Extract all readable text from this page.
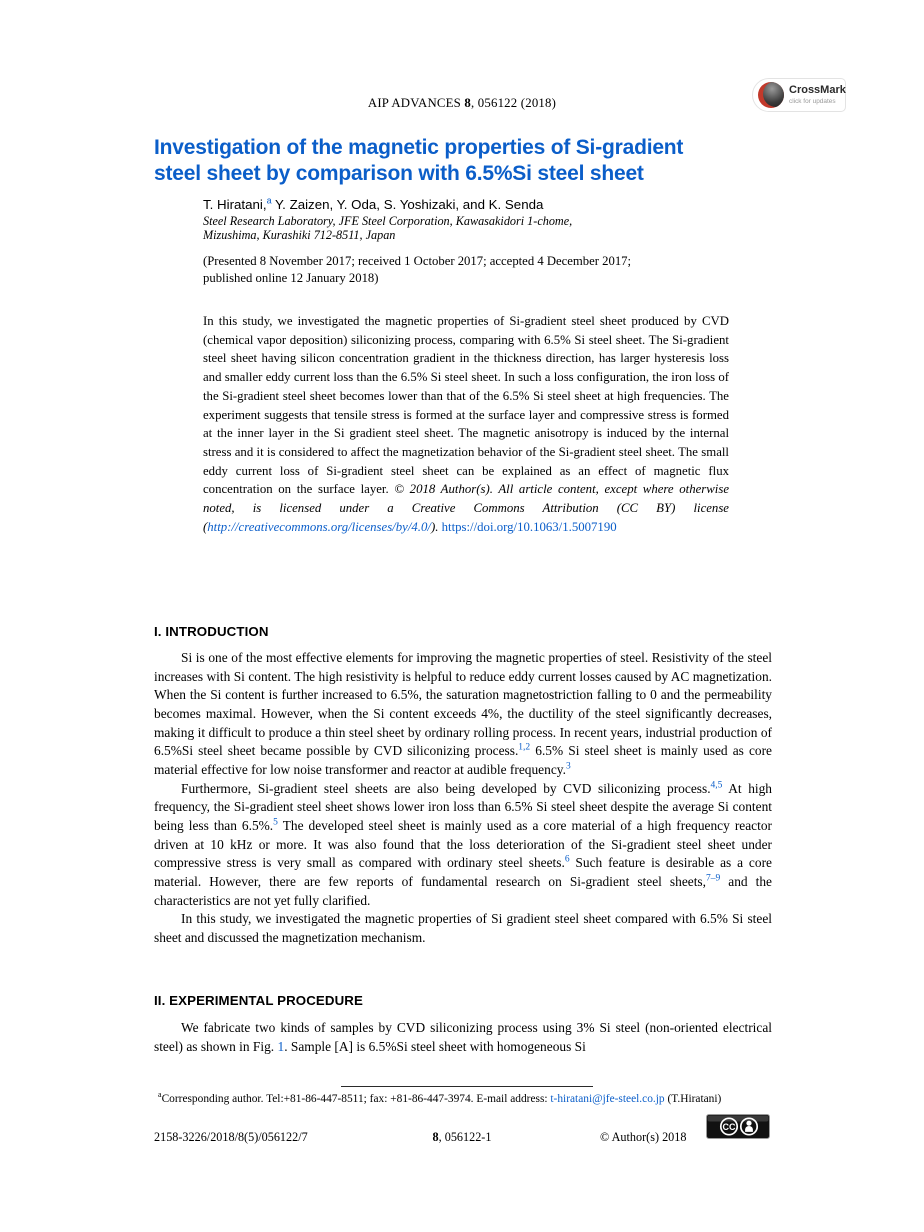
AIP ADVANCES 8, 056122 (2018)
CrossMark
click for updates
Investigation of the magnetic properties of Si-gradient
steel sheet by comparison with 6.5%Si steel sheet
T. Hiratani,$^a$ Y. Zaizen, Y. Oda, S. Yoshizaki, and K. Senda
Steel Research Laboratory, JFE Steel Corporation, Kawasakidori 1-chome,
Mizushima, Kurashiki 712-8511, Japan
(Presented 8 November 2017; received 1 October 2017; accepted 4 December 2017;
published online 12 January 2018)
In this study, we investigated the magnetic properties of Si-gradient steel sheet produced by CVD (chemical vapor deposition) siliconizing process, comparing with 6.5% Si steel sheet. The Si-gradient steel sheet having silicon concentration gradient in the thickness direction, has larger hysteresis loss and smaller eddy current loss than the 6.5% Si steel sheet. In such a loss configuration, the iron loss of the Si-gradient steel sheet becomes lower than that of the 6.5% Si steel sheet at high frequencies. The experiment suggests that tensile stress is formed at the surface layer and compressive stress is formed at the inner layer in the Si gradient steel sheet. The magnetic anisotropy is induced by the internal stress and it is considered to affect the magnetization behavior of the Si-gradient steel sheet. The small eddy current loss of Si-gradient steel sheet can be explained as an effect of magnetic flux concentration on the surface layer. © 2018 Author(s). All article content, except where otherwise noted, is licensed under a Creative Commons Attribution (CC BY) license (http://creativecommons.org/licenses/by/4.0/). https://doi.org/10.1063/1.5007190
I. INTRODUCTION

Si is one of the most effective elements for improving the magnetic properties of steel. Resistivity of the steel increases with Si content. The high resistivity is helpful to reduce eddy current losses caused by AC magnetization. When the Si content is further increased to 6.5%, the saturation magnetostriction falling to 0 and the permeability becomes maximal. However, when the Si content exceeds 4%, the ductility of the steel significantly decreases, making it difficult to produce a thin steel sheet by ordinary rolling process. In recent years, industrial production of 6.5%Si steel sheet became possible by CVD siliconizing process.$^{1,2}$ 6.5% Si steel sheet is mainly used as core material effective for low noise transformer and reactor at audible frequency.$^3$

Furthermore, Si-gradient steel sheets are also being developed by CVD siliconizing process.$^{4,5}$ At high frequency, the Si-gradient steel sheet shows lower iron loss than 6.5% Si steel sheet despite the average Si content being less than 6.5%.$^5$ The developed steel sheet is mainly used as a core material of a high frequency reactor driven at 10 kHz or more. It was also found that the loss deterioration of the Si-gradient steel sheet under compressive stress is very small as compared with ordinary steel sheets.$^6$ Such feature is desirable as a core material. However, there are few reports of fundamental research on Si-gradient steel sheets,$^{7-9}$ and the characteristics are not yet fully clarified.

In this study, we investigated the magnetic properties of Si gradient steel sheet compared with 6.5% Si steel sheet and discussed the magnetization mechanism.

II. EXPERIMENTAL PROCEDURE

We fabricate two kinds of samples by CVD siliconizing process using 3% Si steel (non-oriented electrical steel) as shown in Fig. 1. Sample [A] is 6.5%Si steel sheet with homogeneous Si

$^a$Corresponding author. Tel:+81-86-447-8511; fax: +81-86-447-3974. E-mail address: t-hiratani@jfe-steel.co.jp (T.Hiratani)
2158-3226/2018/8(5)/056122/7	8, 056122-1	© Author(s) 2018
CC
